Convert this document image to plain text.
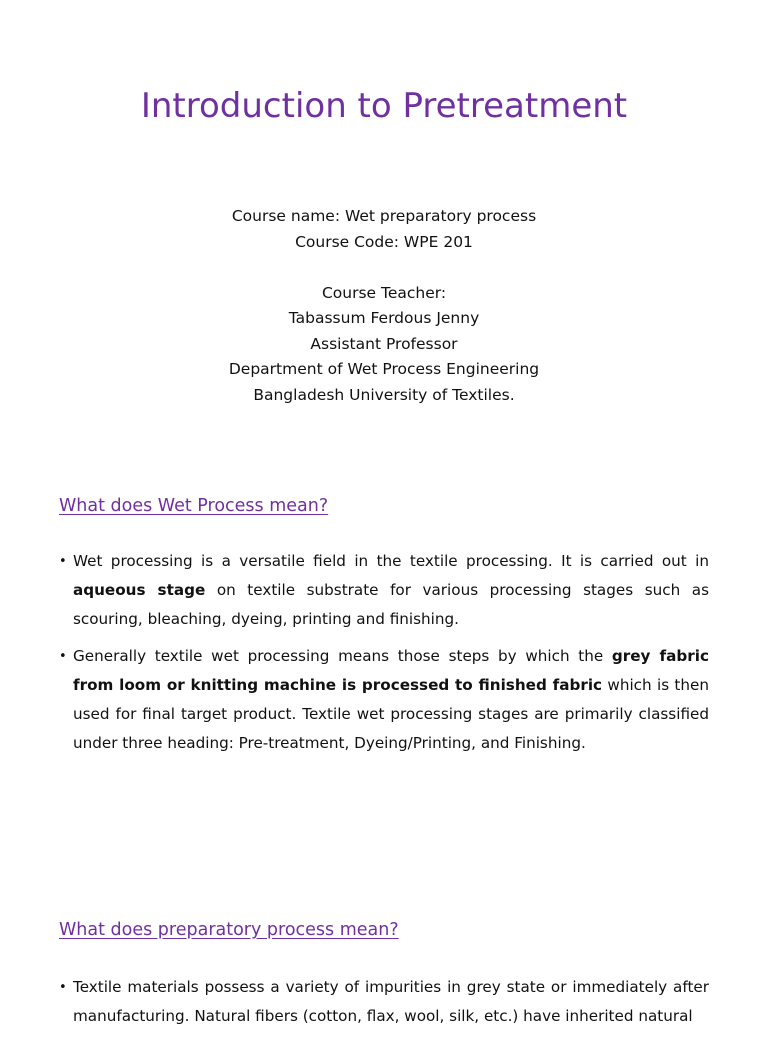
Introduction to Pretreatment
Course name: Wet preparatory process
Course Code: WPE 201
Course Teacher:
Tabassum Ferdous Jenny
Assistant Professor
Department of Wet Process Engineering
Bangladesh University of Textiles.
What does Wet Process mean?
• Wet processing is a versatile field in the textile processing. It is carried out in aqueous stage on textile substrate for various processing stages such as scouring, bleaching, dyeing, printing and finishing.
• Generally textile wet processing means those steps by which the grey fabric from loom or knitting machine is processed to finished fabric which is then used for final target product. Textile wet processing stages are primarily classified under three heading: Pre-treatment, Dyeing/Printing, and Finishing.
What does preparatory process mean?
• Textile materials possess a variety of impurities in grey state or immediately after manufacturing. Natural fibers (cotton, flax, wool, silk, etc.) have inherited natural
